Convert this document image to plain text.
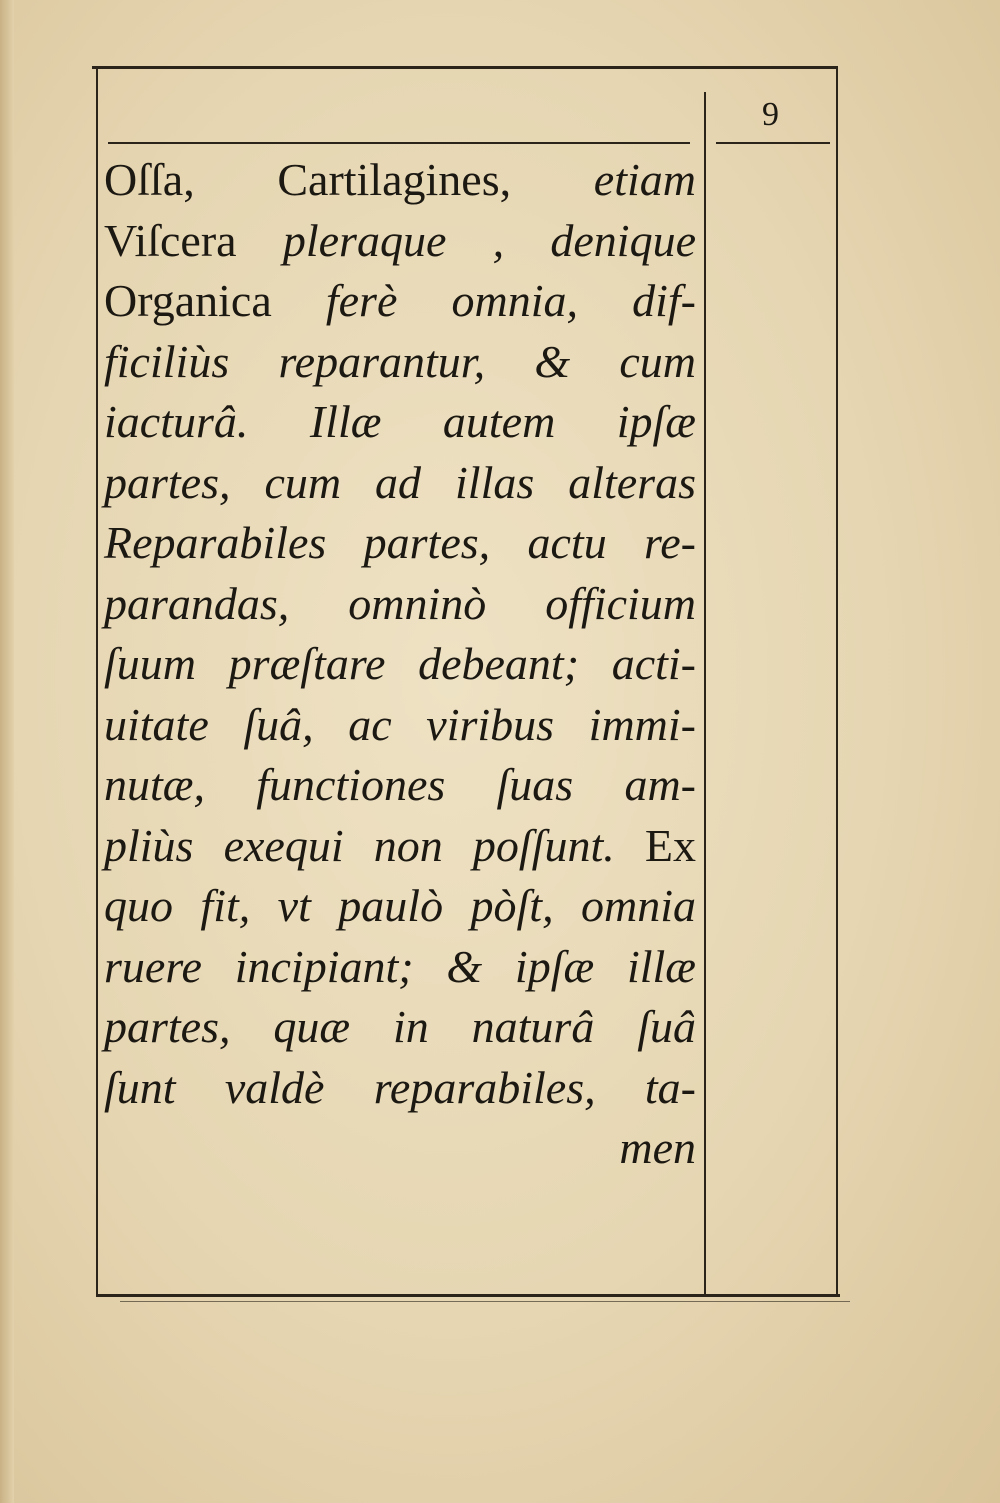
9
Oſſa, Cartilagines, etiam
Viſcera pleraque , denique
Organica ferè omnia, dif-
ficiliùs reparantur, & cum
iacturâ. Illæ autem ipſæ
partes, cum ad illas alteras
Reparabiles partes, actu re-
parandas, omninò officium
ſuum præſtare debeant; acti-
uitate ſuâ, ac viribus immi-
nutæ, functiones ſuas am-
pliùs exequi non poſſunt. Ex
quo fit, vt paulò pòſt, omnia
ruere incipiant; & ipſæ illæ
partes, quæ in naturâ ſuâ
ſunt valdè reparabiles, ta-
men
